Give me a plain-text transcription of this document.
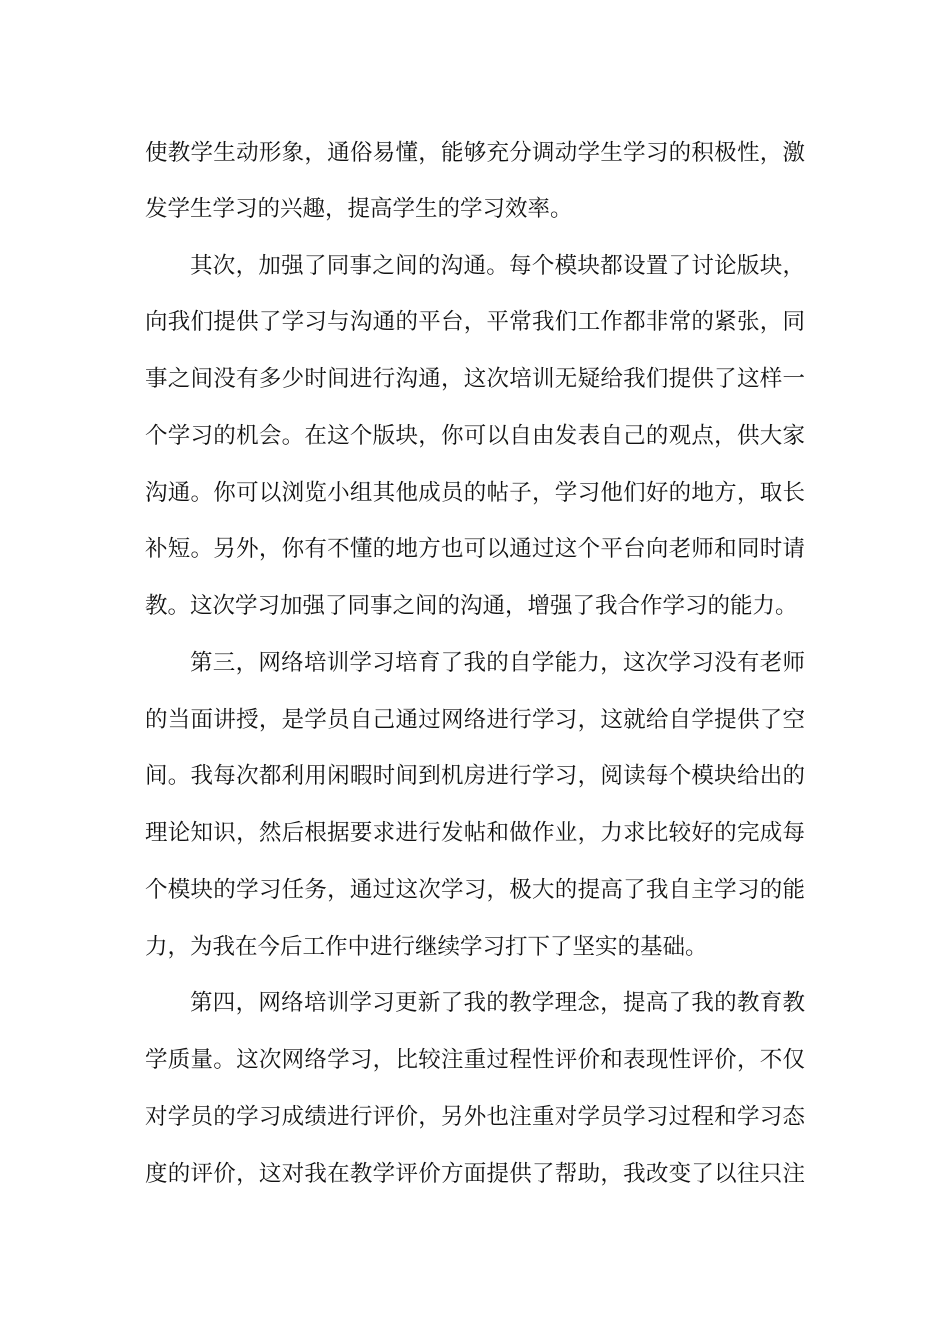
使教学生动形象，通俗易懂，能够充分调动学生学习的积极性，激
发学生学习的兴趣，提高学生的学习效率。
其次，加强了同事之间的沟通。每个模块都设置了讨论版块，
向我们提供了学习与沟通的平台，平常我们工作都非常的紧张，同
事之间没有多少时间进行沟通，这次培训无疑给我们提供了这样一
个学习的机会。在这个版块，你可以自由发表自己的观点，供大家
沟通。你可以浏览小组其他成员的帖子，学习他们好的地方，取长
补短。另外，你有不懂的地方也可以通过这个平台向老师和同时请
教。这次学习加强了同事之间的沟通，增强了我合作学习的能力。
第三，网络培训学习培育了我的自学能力，这次学习没有老师
的当面讲授，是学员自己通过网络进行学习，这就给自学提供了空
间。我每次都利用闲暇时间到机房进行学习，阅读每个模块给出的
理论知识，然后根据要求进行发帖和做作业，力求比较好的完成每
个模块的学习任务，通过这次学习，极大的提高了我自主学习的能
力，为我在今后工作中进行继续学习打下了坚实的基础。
第四，网络培训学习更新了我的教学理念，提高了我的教育教
学质量。这次网络学习，比较注重过程性评价和表现性评价，不仅
对学员的学习成绩进行评价，另外也注重对学员学习过程和学习态
度的评价，这对我在教学评价方面提供了帮助，我改变了以往只注
